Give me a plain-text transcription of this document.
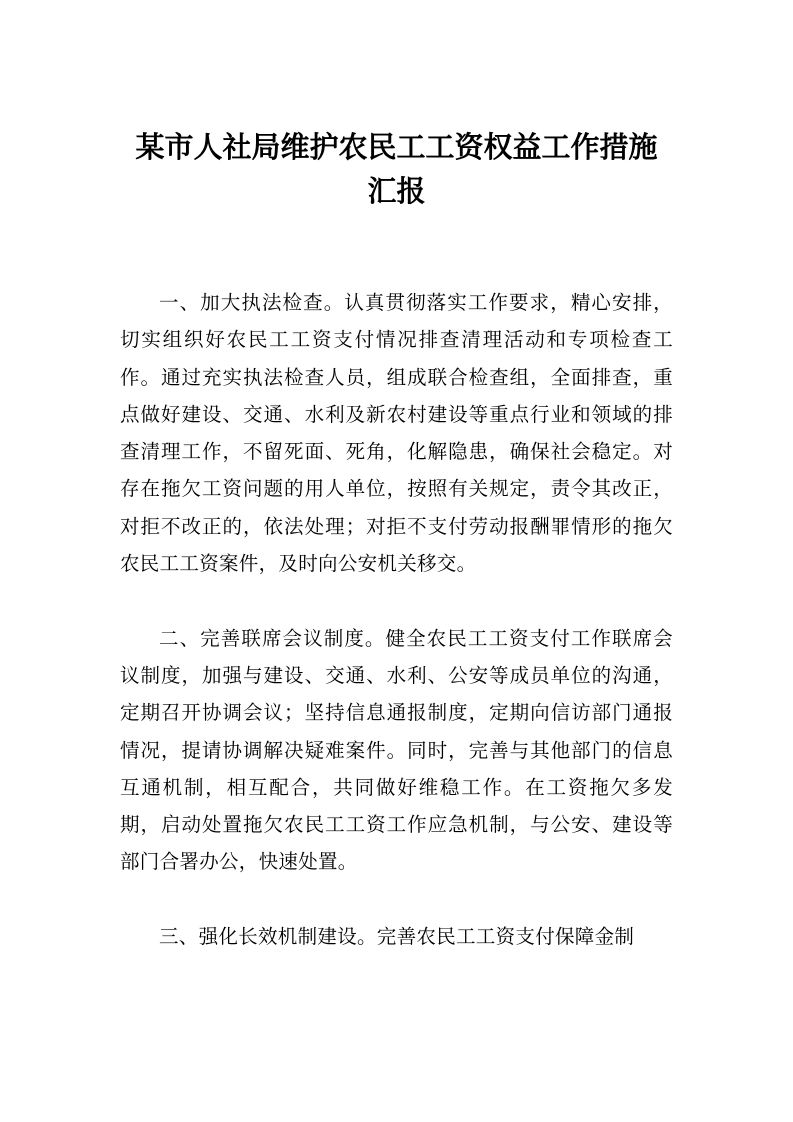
某市人社局维护农民工工资权益工作措施
汇报

一、加大执法检查。认真贯彻落实工作要求，精心安排，切实组织好农民工工资支付情况排查清理活动和专项检查工作。通过充实执法检查人员，组成联合检查组，全面排查，重点做好建设、交通、水利及新农村建设等重点行业和领域的排查清理工作，不留死面、死角，化解隐患，确保社会稳定。对存在拖欠工资问题的用人单位，按照有关规定，责令其改正，对拒不改正的，依法处理；对拒不支付劳动报酬罪情形的拖欠农民工工资案件，及时向公安机关移交。

二、完善联席会议制度。健全农民工工资支付工作联席会议制度，加强与建设、交通、水利、公安等成员单位的沟通，定期召开协调会议；坚持信息通报制度，定期向信访部门通报情况，提请协调解决疑难案件。同时，完善与其他部门的信息互通机制，相互配合，共同做好维稳工作。在工资拖欠多发期，启动处置拖欠农民工工资工作应急机制，与公安、建设等部门合署办公，快速处置。

三、强化长效机制建设。完善农民工工资支付保障金制
